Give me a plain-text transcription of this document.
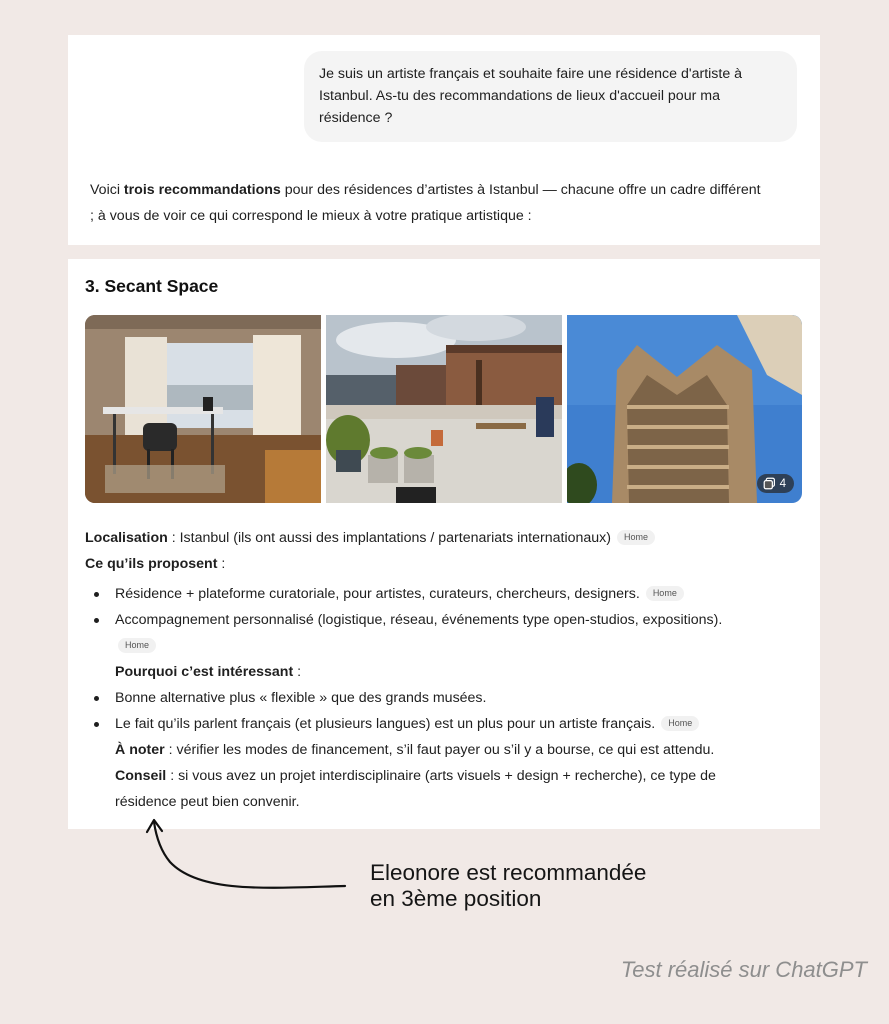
Je suis un artiste français et souhaite faire une résidence d'artiste à Istanbul. As-tu des recommandations de lieux d'accueil pour ma résidence ?
Voici trois recommandations pour des résidences d’artistes à Istanbul — chacune offre un cadre différent
; à vous de voir ce qui correspond le mieux à votre pratique artistique :
3. Secant Space
4
Localisation : Istanbul (ils ont aussi des implantations / partenariats internationaux) Home
Ce qu’ils proposent :
Résidence + plateforme curatoriale, pour artistes, curateurs, chercheurs, designers. Home
Accompagnement personnalisé (logistique, réseau, événements type open-studios, expositions).
Home
Pourquoi c’est intéressant :
Bonne alternative plus « flexible » que des grands musées.
Le fait qu’ils parlent français (et plusieurs langues) est un plus pour un artiste français. Home
À noter : vérifier les modes de financement, s’il faut payer ou s’il y a bourse, ce qui est attendu.
Conseil : si vous avez un projet interdisciplinaire (arts visuels + design + recherche), ce type de
résidence peut bien convenir.
Eleonore est recommandée
en 3ème position
Test réalisé sur ChatGPT
